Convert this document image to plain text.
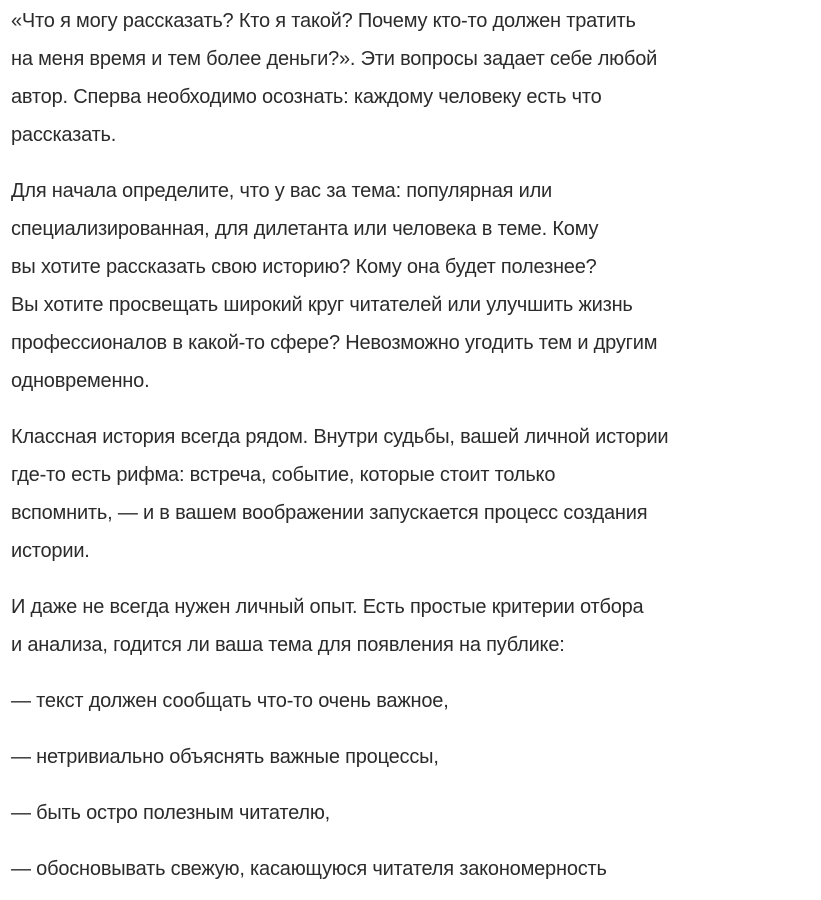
«Что я могу рассказать? Кто я такой? Почему кто-то должен тратить
на меня время и тем более деньги?». Эти вопросы задает себе любой
автор. Сперва необходимо осознать: каждому человеку есть что
рассказать.
Для начала определите, что у вас за тема: популярная или
специализированная, для дилетанта или человека в теме. Кому
вы хотите рассказать свою историю? Кому она будет полезнее?
Вы хотите просвещать широкий круг читателей или улучшить жизнь
профессионалов в какой-то сфере? Невозможно угодить тем и другим
одновременно.
Классная история всегда рядом. Внутри судьбы, вашей личной истории
где-то есть рифма: встреча, событие, которые стоит только
вспомнить, — и в вашем воображении запускается процесс создания
истории.
И даже не всегда нужен личный опыт. Есть простые критерии отбора
и анализа, годится ли ваша тема для появления на публике:
— текст должен сообщать что-то очень важное,
— нетривиально объяснять важные процессы,
— быть остро полезным читателю,
— обосновывать свежую, касающуюся читателя закономерность
